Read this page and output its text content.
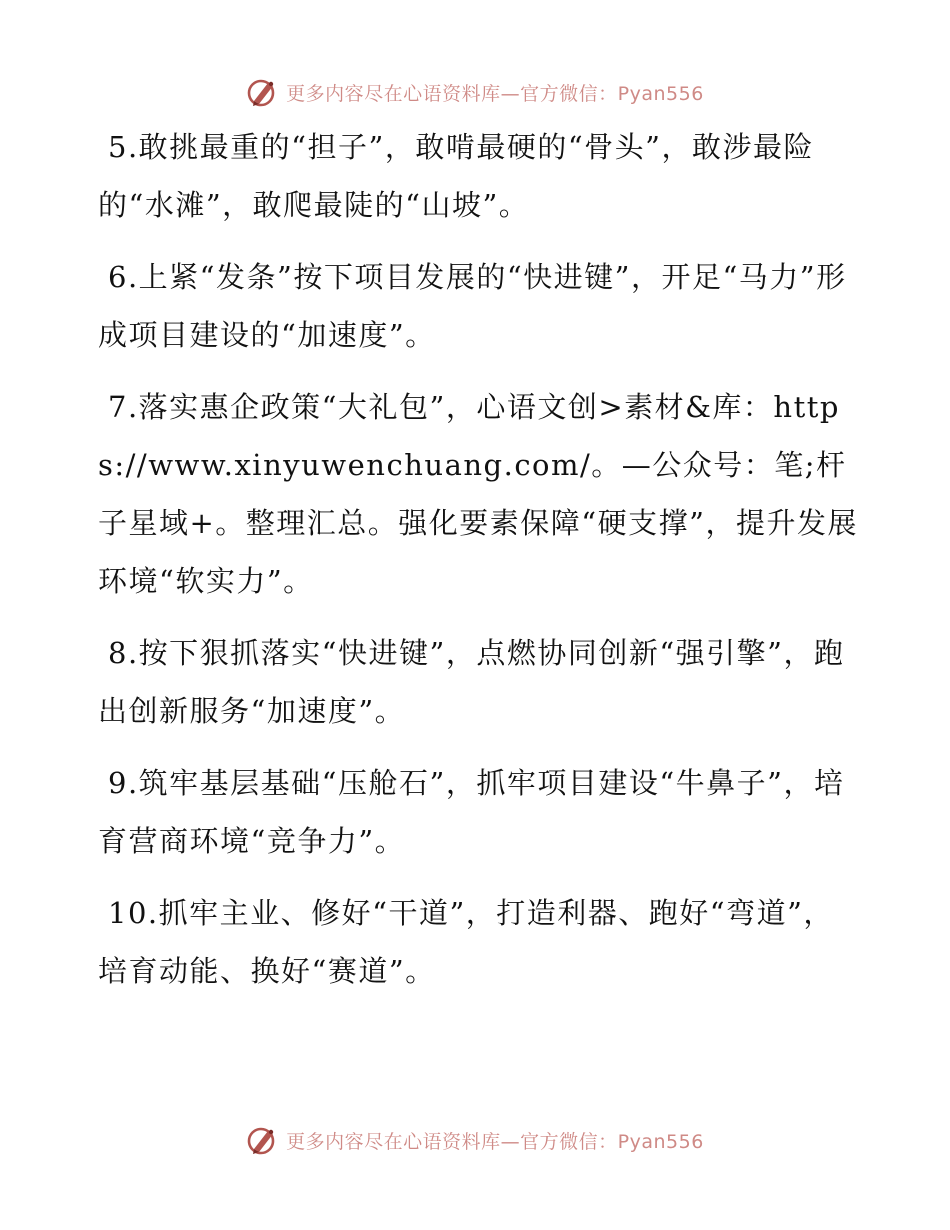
更多内容尽在心语资料库—官方微信：Pyan556

5.敢挑最重的“担子”，敢啃最硬的“骨头”，敢涉最险的“水滩”，敢爬最陡的“山坡”。

6.上紧“发条”按下项目发展的“快进键”，开足“马力”形成项目建设的“加速度”。

7.落实惠企政策“大礼包”，心语文创>素材&库：https://www.xinyuwenchuang.com/。—公众号：笔;杆子星域+。整理汇总。强化要素保障“硬支撑”，提升发展环境“软实力”。

8.按下狠抓落实“快进键”，点燃协同创新“强引擎”，跑出创新服务“加速度”。

9.筑牢基层基础“压舱石”，抓牢项目建设“牛鼻子”，培育营商环境“竞争力”。

10.抓牢主业、修好“干道”，打造利器、跑好“弯道”，培育动能、换好“赛道”。

更多内容尽在心语资料库—官方微信：Pyan556
